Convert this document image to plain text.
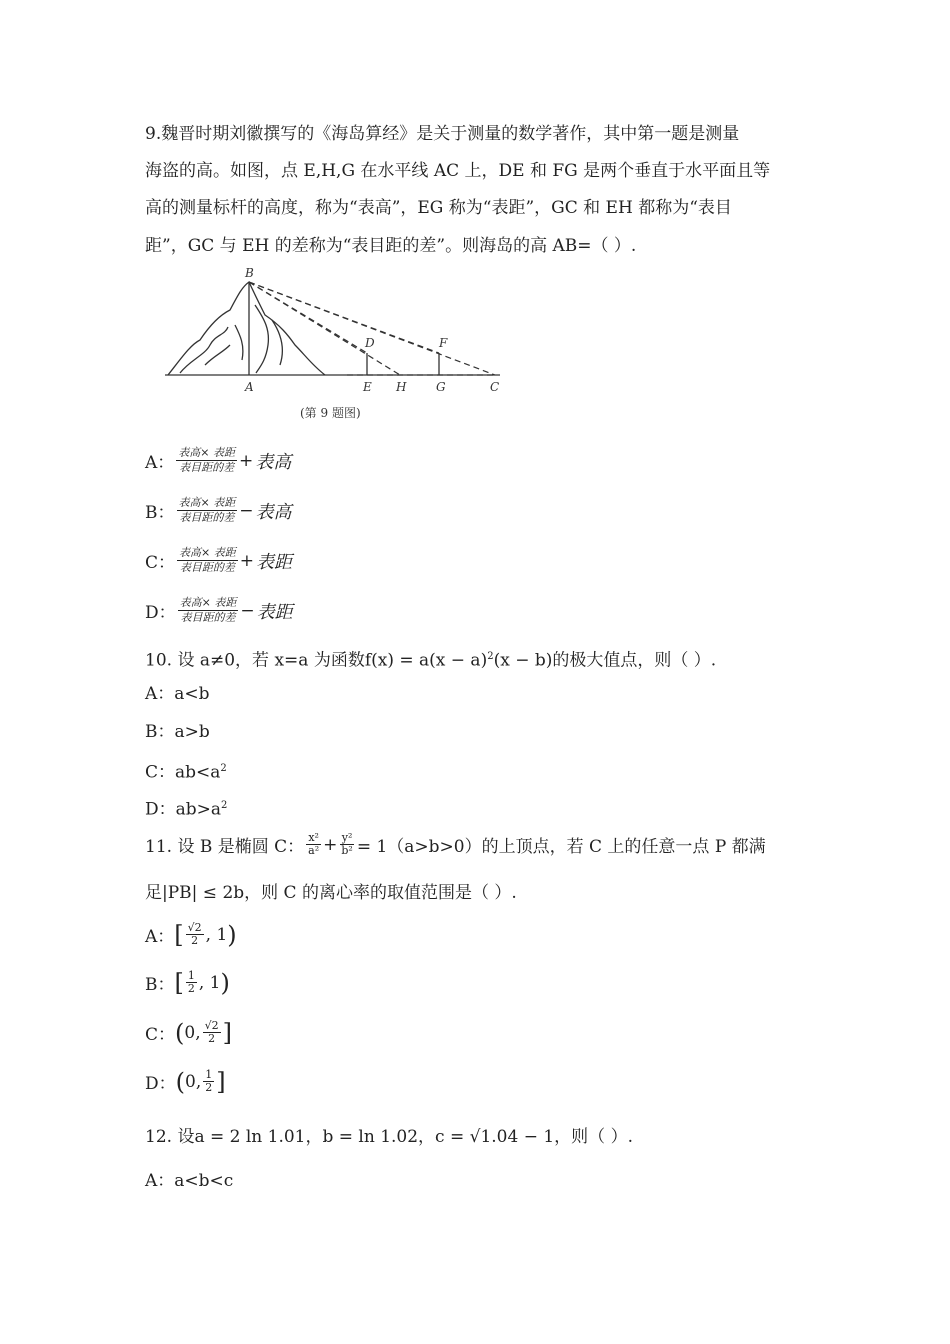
9.魏晋时期刘徽撰写的《海岛算经》是关于测量的数学著作，其中第一题是测量
海盗的高。如图，点 E,H,G 在水平线 AC 上，DE 和 FG 是两个垂直于水平面且等
高的测量标杆的高度，称为“表高”，EG 称为“表距”，GC 和 EH 都称为“表目
距”，GC 与 EH 的差称为“表目距的差”。则海岛的高 AB=（ ）.
B
D	F
A	E H G	C
(第 9 题图)
A： $\frac{\text{表高× 表距}}{\text{表目距的差}}$ + 表高
B： $\frac{\text{表高× 表距}}{\text{表目距的差}}$ − 表高
C： $\frac{\text{表高× 表距}}{\text{表目距的差}}$ + 表距
D： $\frac{\text{表高× 表距}}{\text{表目距的差}}$ − 表距
10. 设 a≠0，若 x=a 为函数$f(x) = a(x - a)^2(x - b)$的极大值点，则（ ）.
A：a<b
B：a>b
C：$ab<a^2$
D：$ab>a^2$
11. 设 B 是椭圆 C： $\frac{\text{x²}}{\text{a²}} + \frac{\text{y²}}{\text{b²}} = 1(a>b>0)$的上顶点，若 C 上的任意一点 P 都满
足|PB| ≤ 2b，则 C 的离心率的取值范围是（ ）.
A： [ $\frac{√2}{2}$ , 1 )
B： [ $\frac{1}{2}$ , 1 )
C： ( 0, $\frac{√2}{2}$ ]
D： ( 0, $\frac{1}{2}$ ]
12. 设a = 2 ln 1.01，b = ln 1.02，c = √1.04 − 1，则（ ）.
A：a<b<c
